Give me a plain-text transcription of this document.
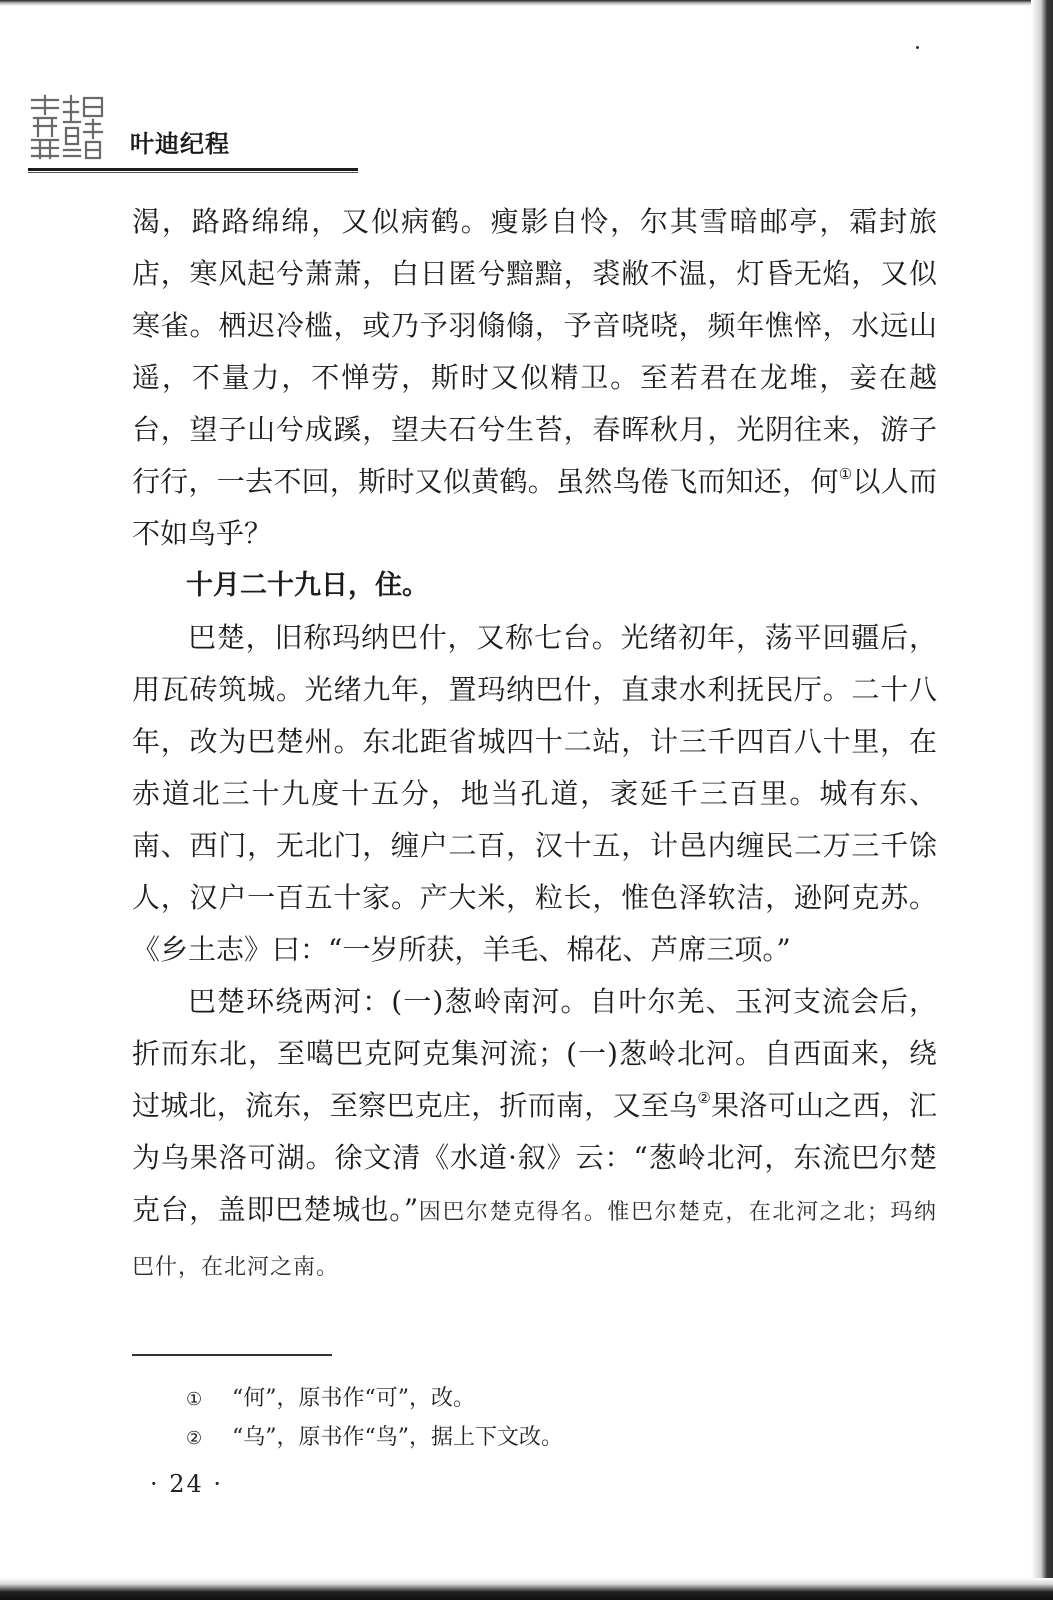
叶迪纪程

渴，路路绵绵，又似病鹤。瘦影自怜，尔其雪暗邮亭，霜封旅店，寒风起兮萧萧，白日匿兮黯黯，裘敝不温，灯昏无焰，又似寒雀。栖迟冷槛，或乃予羽翛翛，予音哓哓，频年憔悴，水远山遥，不量力，不惮劳，斯时又似精卫。至若君在龙堆，妾在越台，望子山兮成蹊，望夫石兮生苔，春晖秋月，光阴往来，游子行行，一去不回，斯时又似黄鹤。虽然鸟倦飞而知还，何①以人而不如鸟乎？

十月二十九日，住。

巴楚，旧称玛纳巴什，又称七台。光绪初年，荡平回疆后，用瓦砖筑城。光绪九年，置玛纳巴什，直隶水利抚民厅。二十八年，改为巴楚州。东北距省城四十二站，计三千四百八十里，在赤道北三十九度十五分，地当孔道，袤延千三百里。城有东、南、西门，无北门，缠户二百，汉十五，计邑内缠民二万三千馀人，汉户一百五十家。产大米，粒长，惟色泽软洁，逊阿克苏。《乡土志》曰：“一岁所获，羊毛、棉花、芦席三项。”

巴楚环绕两河：(一)葱岭南河。自叶尔羌、玉河支流会后，折而东北，至噶巴克阿克集河流；(一)葱岭北河。自西面来，绕过城北，流东，至察巴克庄，折而南，又至乌②果洛可山之西，汇为乌果洛可湖。徐文清《水道·叙》云：“葱岭北河，东流巴尔楚克台，盖即巴楚城也。”因巴尔楚克得名。惟巴尔楚克，在北河之北；玛纳巴什，在北河之南。

①	“何”，原书作“可”，改。
②	“乌”，原书作“鸟”，据上下文改。
· 24 ·
